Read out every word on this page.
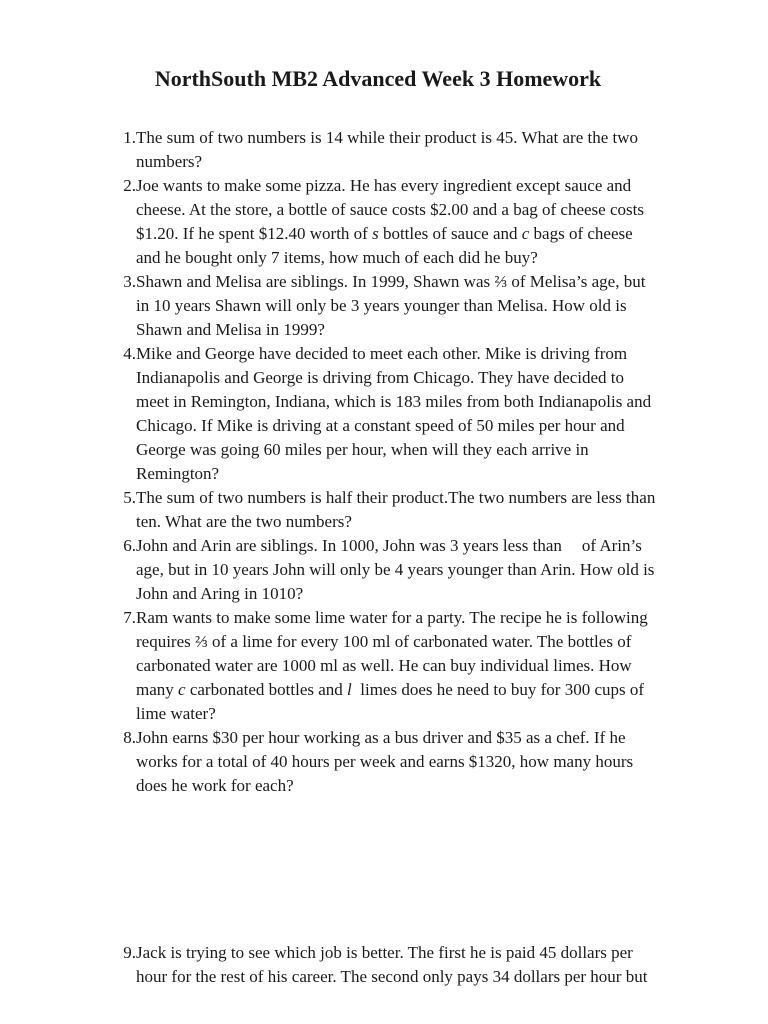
NorthSouth MB2 Advanced Week 3 Homework
1. The sum of two numbers is 14 while their product is 45. What are the two
numbers?
2. Joe wants to make some pizza. He has every ingredient except sauce and
cheese. At the store, a bottle of sauce costs $2.00 and a bag of cheese costs
$1.20. If he spent $12.40 worth of s bottles of sauce and c bags of cheese
and he bought only 7 items, how much of each did he buy?
3. Shawn and Melisa are siblings. In 1999, Shawn was ⅔ of Melisa’s age, but
in 10 years Shawn will only be 3 years younger than Melisa. How old is
Shawn and Melisa in 1999?
4. Mike and George have decided to meet each other. Mike is driving from
Indianapolis and George is driving from Chicago. They have decided to
meet in Remington, Indiana, which is 183 miles from both Indianapolis and
Chicago. If Mike is driving at a constant speed of 50 miles per hour and
George was going 60 miles per hour, when will they each arrive in
Remington?
5. The sum of two numbers is half their product.The two numbers are less than
ten. What are the two numbers?
6. John and Arin are siblings. In 1000, John was 3 years less than of Arin’s
age, but in 10 years John will only be 4 years younger than Arin. How old is
John and Aring in 1010?
7. Ram wants to make some lime water for a party. The recipe he is following
requires ⅔ of a lime for every 100 ml of carbonated water. The bottles of
carbonated water are 1000 ml as well. He can buy individual limes. How
many c carbonated bottles and l limes does he need to buy for 300 cups of
lime water?
8. John earns $30 per hour working as a bus driver and $35 as a chef. If he
works for a total of 40 hours per week and earns $1320, how many hours
does he work for each?
9. Jack is trying to see which job is better. The first he is paid 45 dollars per
hour for the rest of his career. The second only pays 34 dollars per hour but
